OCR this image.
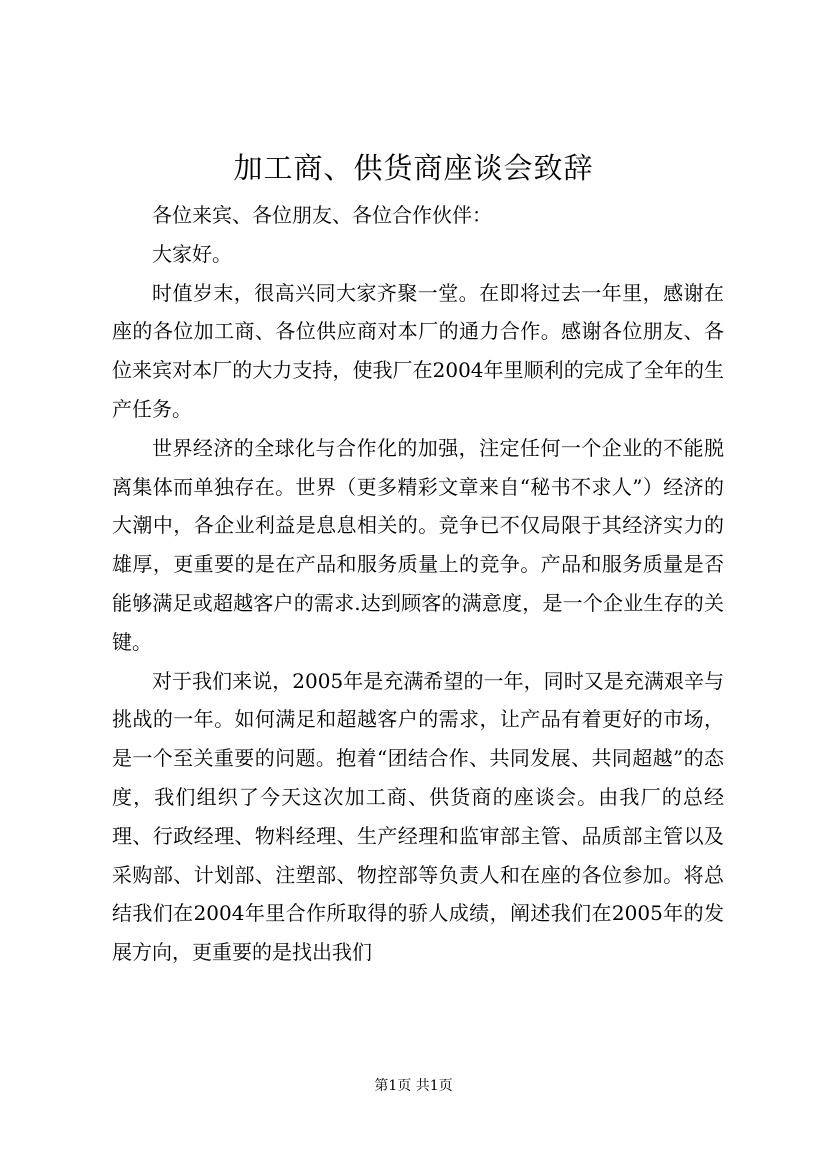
加工商、供货商座谈会致辞

各位来宾、各位朋友、各位合作伙伴：

大家好。

时值岁末，很高兴同大家齐聚一堂。在即将过去一年里，感谢在座的各位加工商、各位供应商对本厂的通力合作。感谢各位朋友、各位来宾对本厂的大力支持，使我厂在2004年里顺利的完成了全年的生产任务。

世界经济的全球化与合作化的加强，注定任何一个企业的不能脱离集体而单独存在。世界（更多精彩文章来自“秘书不求人”）经济的大潮中，各企业利益是息息相关的。竞争已不仅局限于其经济实力的雄厚，更重要的是在产品和服务质量上的竞争。产品和服务质量是否能够满足或超越客户的需求.达到顾客的满意度，是一个企业生存的关键。

对于我们来说，2005年是充满希望的一年，同时又是充满艰辛与挑战的一年。如何满足和超越客户的需求，让产品有着更好的市场，是一个至关重要的问题。抱着“团结合作、共同发展、共同超越”的态度，我们组织了今天这次加工商、供货商的座谈会。由我厂的总经理、行政经理、物料经理、生产经理和监审部主管、品质部主管以及采购部、计划部、注塑部、物控部等负责人和在座的各位参加。将总结我们在2004年里合作所取得的骄人成绩，阐述我们在2005年的发展方向，更重要的是找出我们

第1页 共1页
